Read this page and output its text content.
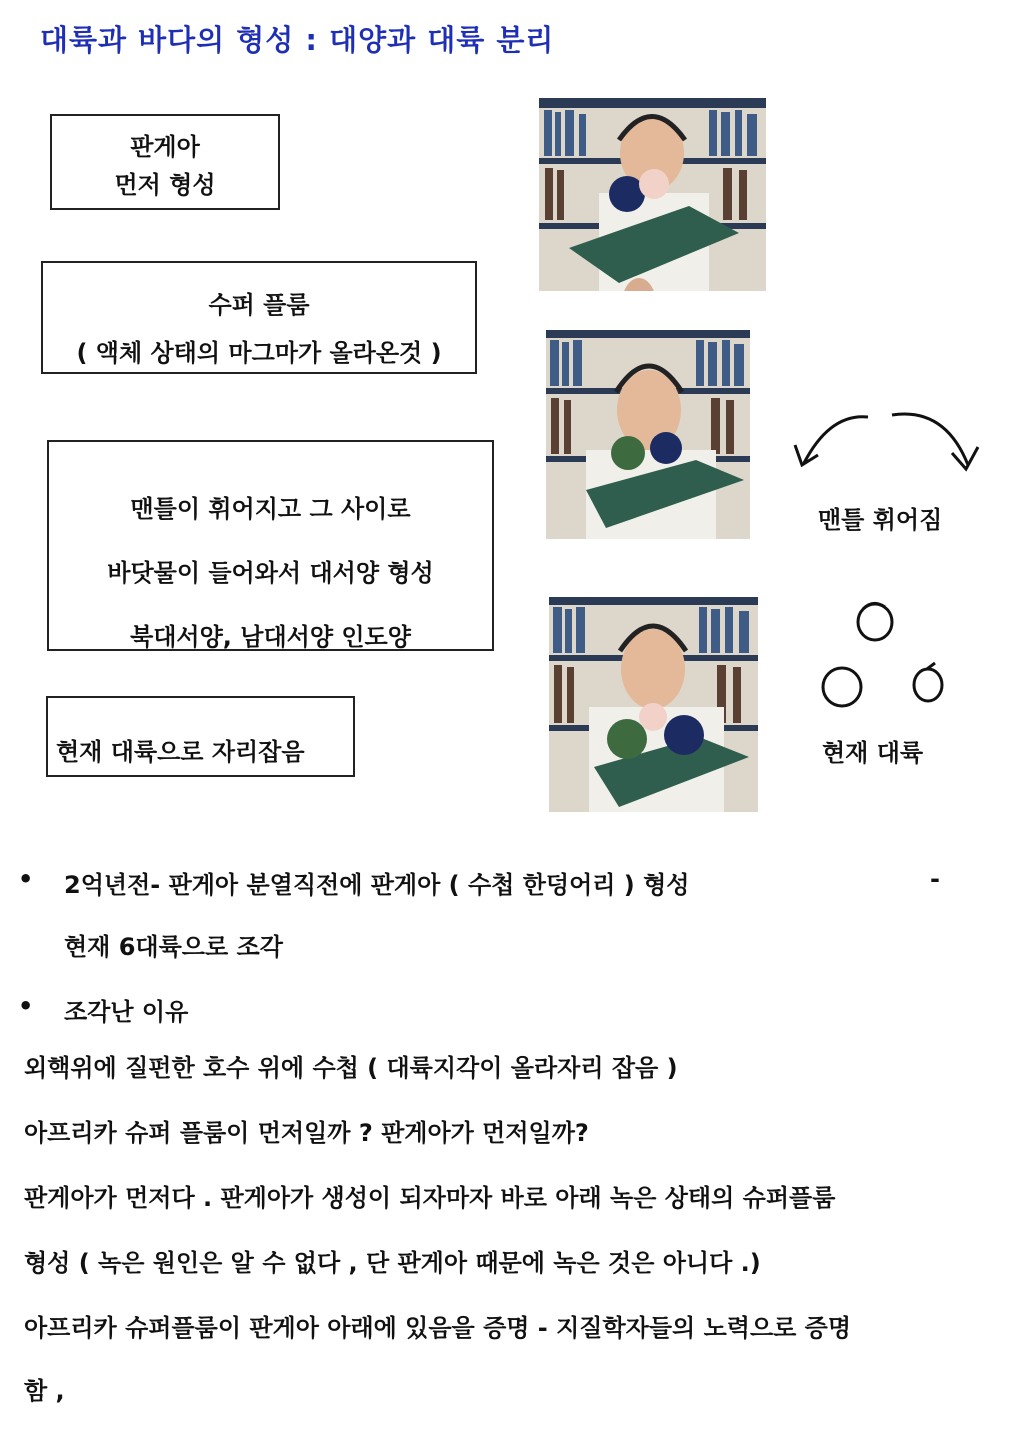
대륙과 바다의 형성 : 대양과 대륙 분리
판게아
먼저 형성
수퍼 플룸
( 액체 상태의 마그마가 올라온것 )
맨틀이 휘어지고 그 사이로
바닷물이 들어와서 대서양 형성
북대서양, 남대서양 인도양
현재 대륙으로 자리잡음
맨틀 휘어짐
현재 대륙
• 2억년전- 판게아 분열직전에 판게아 ( 수첩 한덩어리 ) 형성
현재 6대륙으로 조각
-
• 조각난 이유
외핵위에 질펀한 호수 위에 수첩 ( 대륙지각이 올라자리 잡음 )
아프리카 슈퍼 플룸이 먼저일까 ? 판게아가 먼저일까?
판게아가 먼저다 . 판게아가 생성이 되자마자 바로 아래 녹은 상태의 슈퍼플룸
형성 ( 녹은 원인은 알 수 없다 , 단 판게아 때문에 녹은 것은 아니다 .)
아프리카 슈퍼플룸이 판게아 아래에 있음을 증명 - 지질학자들의 노력으로 증명
함 ,
